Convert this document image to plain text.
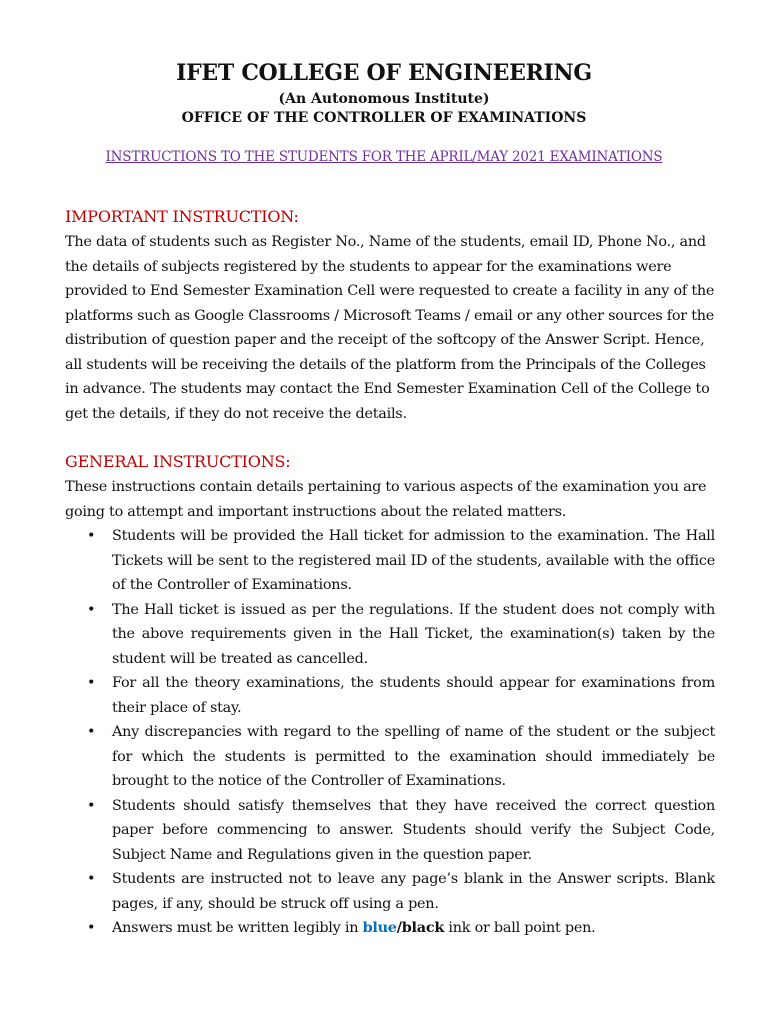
IFET COLLEGE OF ENGINEERING
(An Autonomous Institute)
OFFICE OF THE CONTROLLER OF EXAMINATIONS
INSTRUCTIONS TO THE STUDENTS FOR THE APRIL/MAY 2021 EXAMINATIONS
IMPORTANT INSTRUCTION:
The data of students such as Register No., Name of the students, email ID, Phone No., and the details of subjects registered by the students to appear for the examinations were provided to End Semester Examination Cell were requested to create a facility in any of the platforms such as Google Classrooms / Microsoft Teams / email or any other sources for the distribution of question paper and the receipt of the softcopy of the Answer Script. Hence, all students will be receiving the details of the platform from the Principals of the Colleges in advance. The students may contact the End Semester Examination Cell of the College to get the details, if they do not receive the details.
GENERAL INSTRUCTIONS:
These instructions contain details pertaining to various aspects of the examination you are going to attempt and important instructions about the related matters.
• Students will be provided the Hall ticket for admission to the examination. The Hall Tickets will be sent to the registered mail ID of the students, available with the office of the Controller of Examinations.
• The Hall ticket is issued as per the regulations. If the student does not comply with the above requirements given in the Hall Ticket, the examination(s) taken by the student will be treated as cancelled.
• For all the theory examinations, the students should appear for examinations from their place of stay.
• Any discrepancies with regard to the spelling of name of the student or the subject for which the students is permitted to the examination should immediately be brought to the notice of the Controller of Examinations.
• Students should satisfy themselves that they have received the correct question paper before commencing to answer. Students should verify the Subject Code, Subject Name and Regulations given in the question paper.
• Students are instructed not to leave any page’s blank in the Answer scripts. Blank pages, if any, should be struck off using a pen.
• Answers must be written legibly in blue/black ink or ball point pen.
